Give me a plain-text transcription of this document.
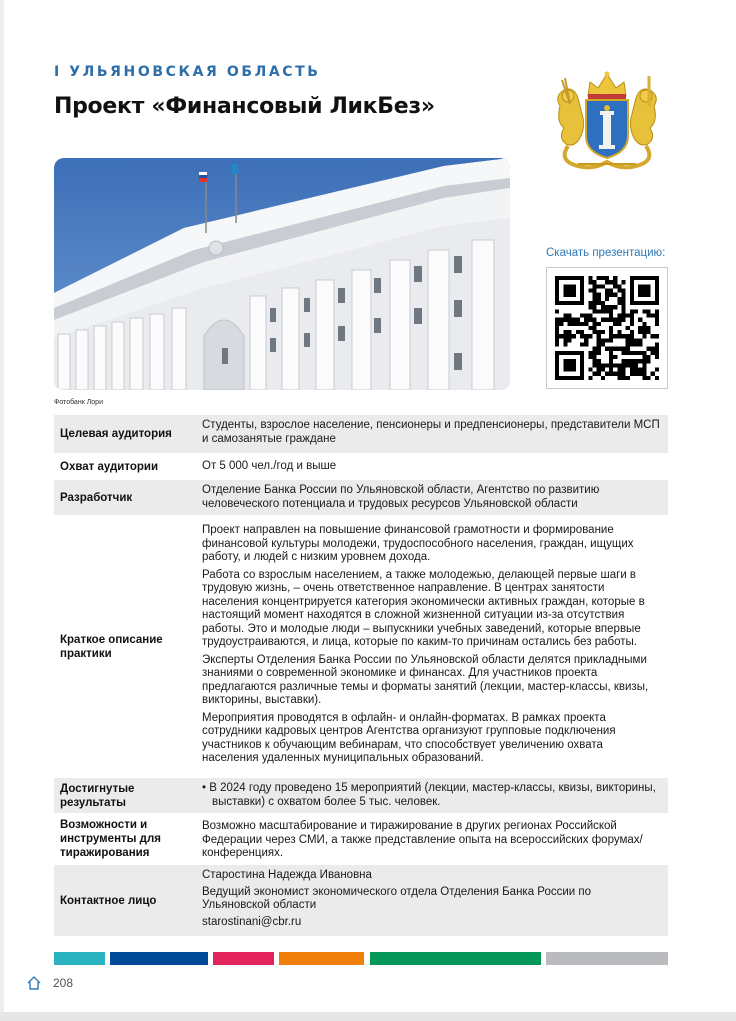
I УЛЬЯНОВСКАЯ ОБЛАСТЬ
Проект «Финансовый ЛикБез»
Фотобанк Лори
Скачать презентацию:
Целевая аудитория

Студенты, взрослое население, пенсионеры и предпенсионеры, представители МСП и самозанятые граждане

Охват аудитории	От 5 000 чел./год и выше

Разработчик

Отделение Банка России по Ульяновской области, Агентство по развитию человеческого потенциала и трудовых ресурсов Ульяновской области

Краткое описание практики

Проект направлен на повышение финансовой грамотности и формирование финансовой культуры молодежи, трудоспособного населения, граждан, ищущих работу, и людей с низким уровнем дохода.

Работа со взрослым населением, а также молодежью, делающей первые шаги в трудовую жизнь, – очень ответственное направление. В центрах занятости населения концентрируется категория экономически активных граждан, которые в настоящий момент находятся в сложной жизненной ситуации из-за отсутствия работы. Это и молодые люди – выпускники учебных заведений, которые впервые трудоустраиваются, и лица, которые по каким-то причинам остались без работы.

Эксперты Отделения Банка России по Ульяновской области делятся прикладными знаниями о современной экономике и финансах. Для участников проекта предлагаются различные темы и форматы занятий (лекции, мастер-классы, квизы, викторины, выставки).

Мероприятия проводятся в офлайн- и онлайн-форматах. В рамках проекта сотрудники кадровых центров Агентства организуют групповые подключения участников к обучающим вебинарам, что способствует увеличению охвата населения удаленных муниципальных образований.

Достигнутые результаты

• В 2024 году проведено 15 мероприятий (лекции, мастер-классы, квизы, викторины, выставки) с охватом более 5 тыс. человек.

Возможности и инструменты для тиражирования

Возможно масштабирование и тиражирование в других регионах Российской Федерации через СМИ, а также представление опыта на всероссийских форумах/конференциях.

Контактное лицо

Старостина Надежда Ивановна

Ведущий экономист экономического отдела Отделения Банка России по Ульяновской области

starostinani@cbr.ru

208
